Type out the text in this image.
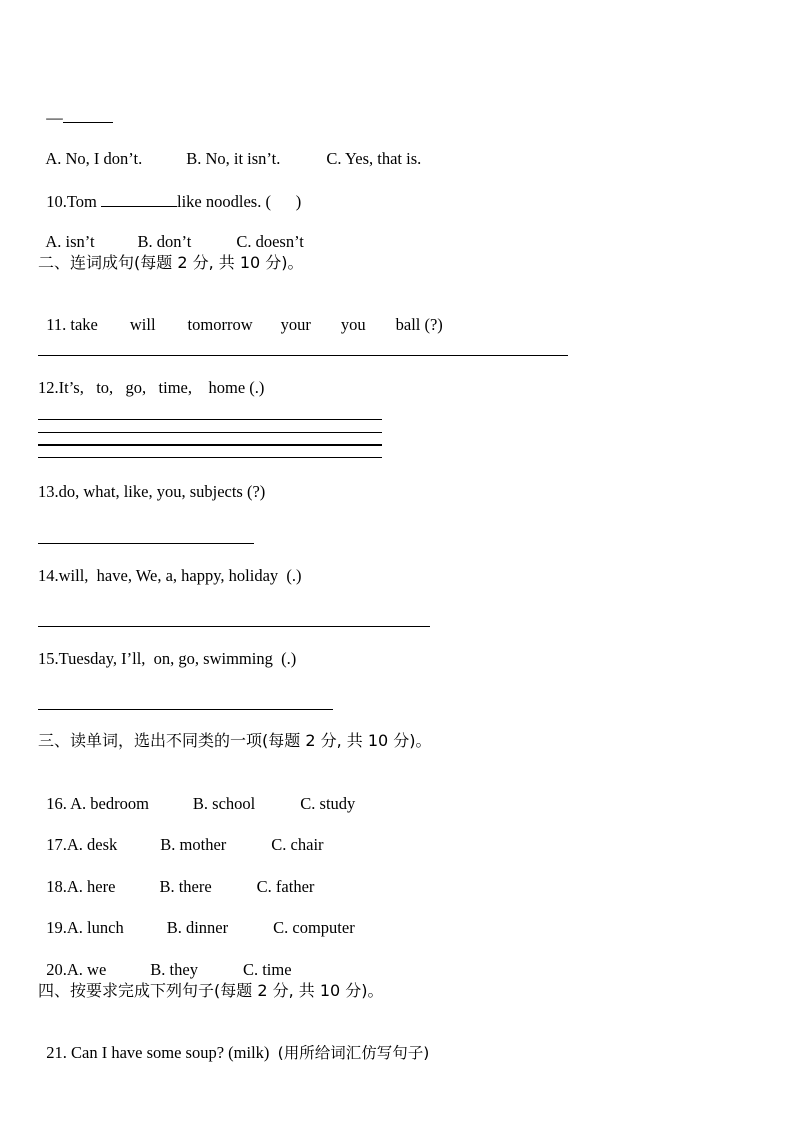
—

A. No, I don’t.	B. No, it isn’t.	C. Yes, that is.

10.Tom	like noodles. (      )

A. isn’t	B. don’t	C. doesn’t

二、连词成句(每题 2 分, 共 10 分)。

11. take will tomorrow your you ball (?)

12.It’s,   to,   go,   time,    home (.)
13.do, what, like, you, subjects (?)
14.will,  have, We, a, happy, holiday  (.)
15.Tuesday, I’ll,  on, go, swimming  (.)
三、读单词，选出不同类的一项(每题 2 分, 共 10 分)。

16. A. bedroom	B. school	C. study

17.A. desk	B. mother	C. chair

18.A. here	B. there	C. father

19.A. lunch	B. dinner	C. computer

20.A. we	B. they	C. time

四、按要求完成下列句子(每题 2 分, 共 10 分)。

21. Can I have some soup? (milk)  (用所给词汇仿写句子)
